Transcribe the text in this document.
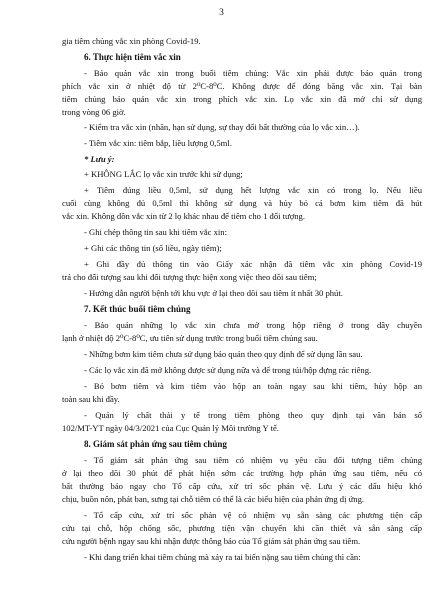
3
gia tiêm chủng vắc xin phòng Covid-19.
6. Thực hiện tiêm vắc xin
- Bảo quản vắc xin trong buổi tiêm chủng: Vắc xin phải được bảo quản trong
phích vắc xin ở nhiệt độ từ 2⁰C-8⁰C. Không được để đóng băng vắc xin. Tại bàn
tiêm chủng bảo quản vắc xin trong phích vắc xin. Lọ vắc xin đã mở chỉ sử dụng
trong vòng 06 giờ.
- Kiểm tra vắc xin (nhãn, hạn sử dụng, sự thay đổi bất thường của lọ vắc xin…).
- Tiêm vắc xin: tiêm bắp, liều lượng 0,5ml.
* Lưu ý:
+ KHÔNG LẮC lọ vắc xin trước khi sử dụng;
+ Tiêm đúng liều 0,5ml, sử dụng hết lượng vắc xin có trong lọ. Nếu liều
cuối cùng không đủ 0,5ml thì không sử dụng và hủy bỏ cả bơm kim tiêm đã hút
vắc xin. Không dồn vắc xin từ 2 lọ khác nhau để tiêm cho 1 đối tượng.
- Ghi chép thông tin sau khi tiêm vắc xin:
+ Ghi các thông tin (số liều, ngày tiêm);
+ Ghi đầy đủ thông tin vào Giấy xác nhận đã tiêm vắc xin phòng Covid-19
trả cho đối tượng sau khi đối tượng thực hiện xong việc theo dõi sau tiêm;
- Hướng dẫn người bệnh tới khu vực ở lại theo dõi sau tiêm ít nhất 30 phút.
7. Kết thúc buổi tiêm chủng
- Bảo quản những lọ vắc xin chưa mở trong hộp riêng ở trong dây chuyền
lạnh ở nhiệt độ 2⁰C-8⁰C, ưu tiên sử dụng trước trong buổi tiêm chủng sau.
- Những bơm kim tiêm chưa sử dụng bảo quản theo quy định để sử dụng lần sau.
- Các lọ vắc xin đã mở không được sử dụng nữa và để trong túi/hộp đựng rác riêng.
- Bỏ bơm tiêm và kim tiêm vào hộp an toàn ngay sau khi tiêm, hủy hộp an
toàn sau khi đầy.
- Quản lý chất thải y tế trong tiêm phòng theo quy định tại văn bản số
102/MT-YT ngày 04/3/2021 của Cục Quản lý Môi trường Y tế.
8. Giám sát phản ứng sau tiêm chủng
- Tổ giám sát phản ứng sau tiêm có nhiệm vụ yêu cầu đối tượng tiêm chủng
ở lại theo dõi 30 phút để phát hiện sớm các trường hợp phản ứng sau tiêm, nếu có
bất thường báo ngay cho Tổ cấp cứu, xử trí sốc phản vệ. Lưu ý các dấu hiệu khó
chịu, buồn nôn, phát ban, sưng tại chỗ tiêm có thể là các biểu hiện của phản ứng dị ứng.
- Tổ cấp cứu, xử trí sốc phản vệ có nhiệm vụ sẵn sàng các phương tiện cấp
cứu tại chỗ, hộp chống sốc, phương tiện vận chuyển khi cần thiết và sẵn sàng cấp
cứu người bệnh ngay sau khi nhận được thông báo của Tổ giám sát phản ứng sau tiêm.
- Khi đang triển khai tiêm chủng mà xảy ra tai biến nặng sau tiêm chủng thì cần:
